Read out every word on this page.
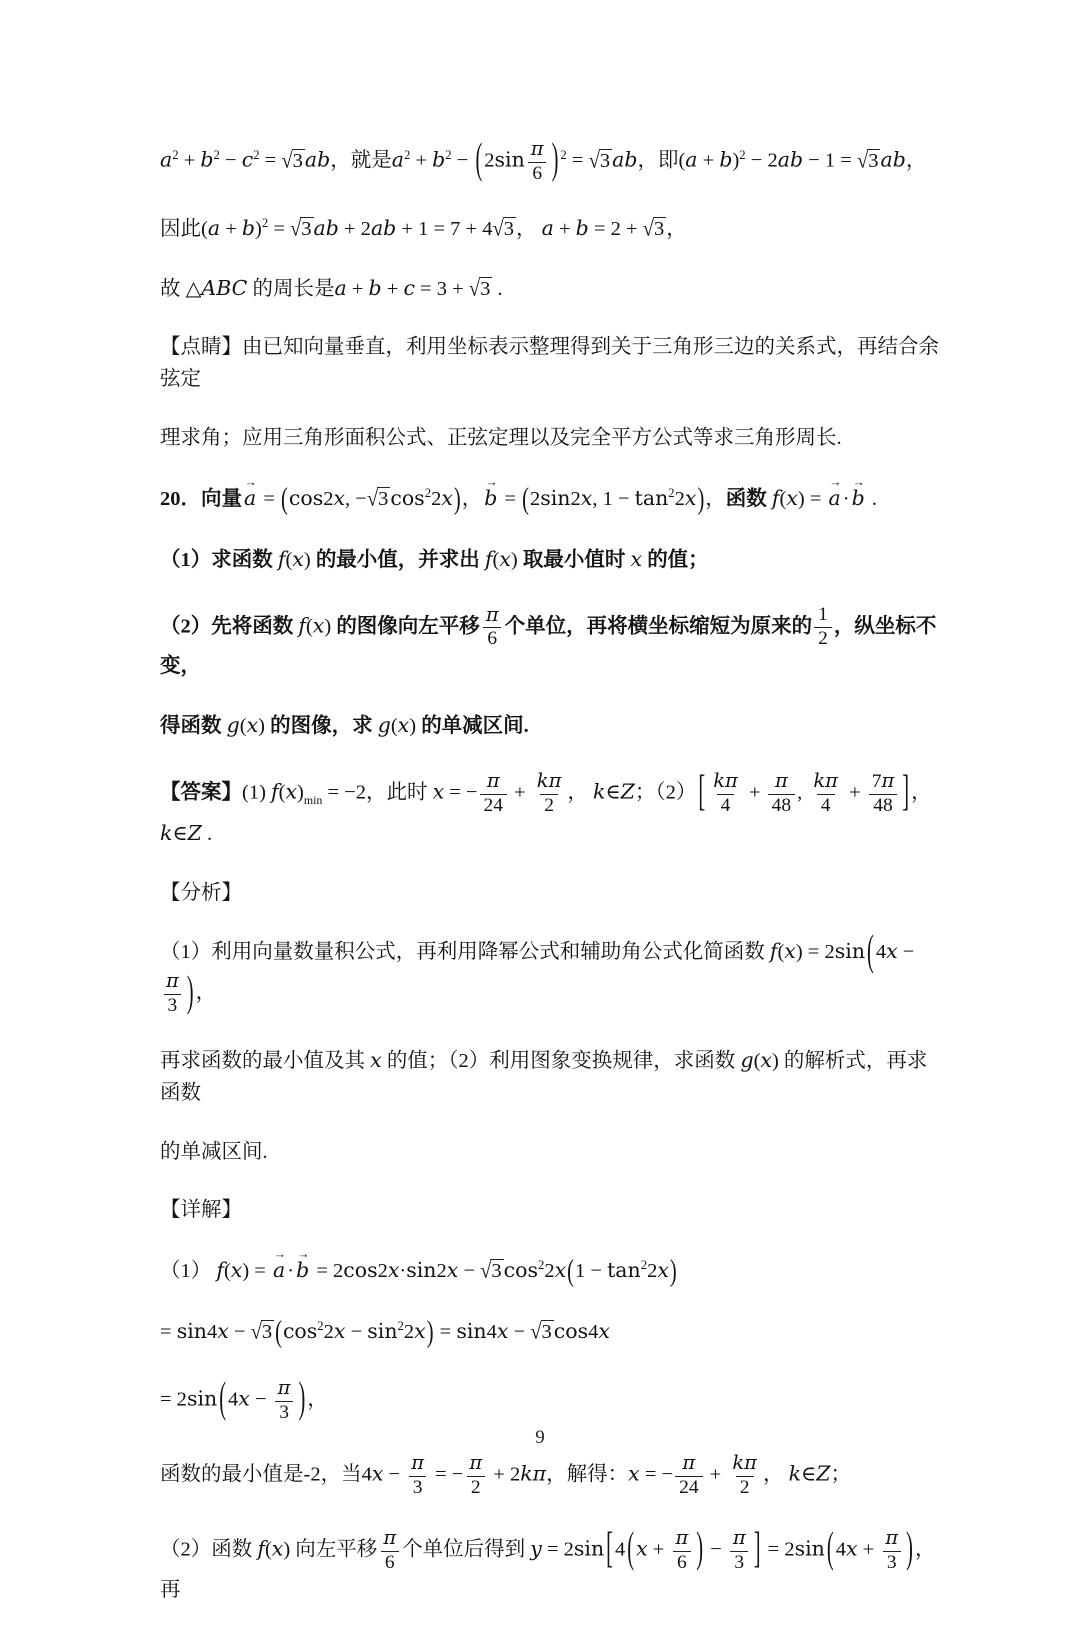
$a^2 + b^2 - c^2 = √3ab$，就是$a^2 + b^2 - (2\sin \frac{\pi}{6}$ ) $^2$ = √3ab，即$(a + b)^2 - 2ab - 1 = √3ab$，

因此$(a + b)^2 = √3ab + 2ab + 1 = 7 + 4√3$， a + b = 2 + √3，

故 △ABC 的周长是a + b + c = 3 + √3 .

【点睛】由已知向量垂直，利用坐标表示整理得到关于三角形三边的关系式，再结合余弦定

理求角；应用三角形面积公式、正弦定理以及完全平方公式等求三角形周长.

20．向量
→
a = (cos2x, $-√3\cos^22x$)，
→
b = (2sin2x, $1 - \tan^22x$)，函数 f(x) =
→
a·
→
b .

（1）求函数 f(x) 的最小值，并求出 f(x) 取最小值时 x 的值；

（2）先将函数 f(x) 的图像向左平移 $\frac{\pi}{6}$ 个单位，再将横坐标缩短为原来的 $\frac{1}{2}$ ，纵坐标不变，

得函数 g(x) 的图像，求 g(x) 的单减区间.

【答案】(1) $f(x)_{min} = -2$，此时 x = − $\frac{\pi}{24} + \frac{k\pi}{2}$ ， k∈Z；$(2)[ \frac{k\pi}{4} + \frac{\pi}{48}$ , $\frac{k\pi}{4} + \frac{7\pi}{48}$ ]， k∈Z .

【分析】

（1）利用向量数量积公式，再利用降幂公式和辅助角公式化简函数 f(x) = 2sin(4x −
$\frac{\pi}{3}$ )，

再求函数的最小值及其 x 的值；（2）利用图象变换规律，求函数 g(x) 的解析式，再求函数

的单减区间.

【详解】

（1） f(x) =
→
a·
→
$b = 2\cos 2x\cdot\sin 2x - √3\cos^22x(1 - \tan^22x)$

= sin4x − √3 $(\cos^22x - \sin^22x) = \sin 4x - √3\cos 4x$

= $2\sin(4x - \frac{\pi}{3}$ )，

函数的最小值是-2，当$4x - \frac{\pi}{3}$ = − $\frac{\pi}{2} + 2k\pi$，解得：x = − $\frac{\pi}{24} + \frac{k\pi}{2}$ ， k∈Z；

（2）函数 f(x) 向左平移 $\frac{\pi}{6}$ 个单位后得到 $y = 2\sin[4(x + \frac{\pi}{6}$ ) − $\frac{\pi}{3}$ ] = $2\sin(4x + \frac{\pi}{3}$ )，再

9
